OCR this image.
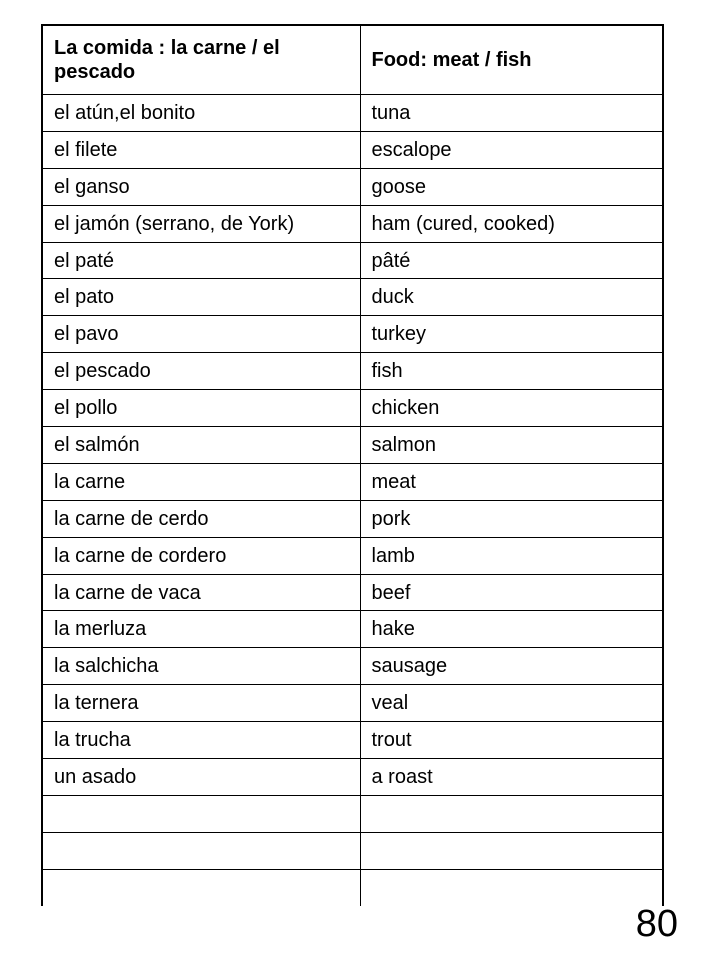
La comida : la carne / el pescado	Food: meat / fish
el atún,el bonito	tuna
el filete	escalope
el ganso	goose
el jamón (serrano, de York)	ham (cured, cooked)
el paté	pâté
el pato	duck
el pavo	turkey
el pescado	fish
el pollo	chicken
el salmón	salmon
la carne	meat
la carne de cerdo	pork
la carne de cordero	lamb
la carne de vaca	beef
la merluza	hake
la salchicha	sausage
la ternera	veal
la trucha	trout
un asado	a roast

80
